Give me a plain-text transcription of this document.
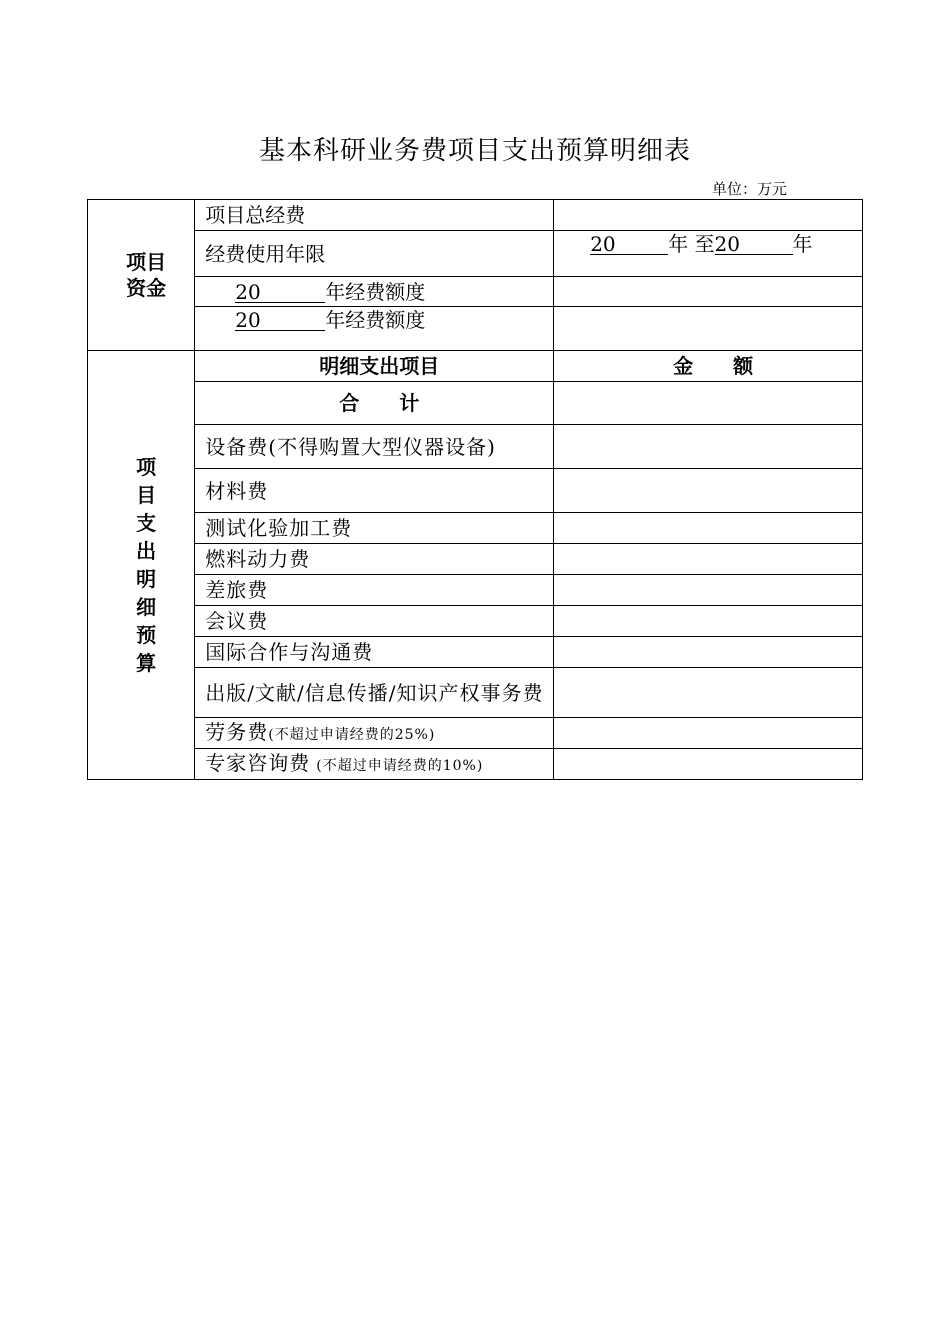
基本科研业务费项目支出预算明细表
单位：万元
项目资金	项目总经费	
	经费使用年限	20 年 至20 年
	20 年经费额度	
	20 年经费额度	
项目支出明细预算	明细支出项目	金　　额
	合　　计	
	设备费(不得购置大型仪器设备)	
	材料费	
	测试化验加工费	
	燃料动力费	
	差旅费	
	会议费	
	国际合作与沟通费	
	出版/文献/信息传播/知识产权事务费	
	劳务费(不超过申请经费的25%)	
	专家咨询费 (不超过申请经费的10%)	
